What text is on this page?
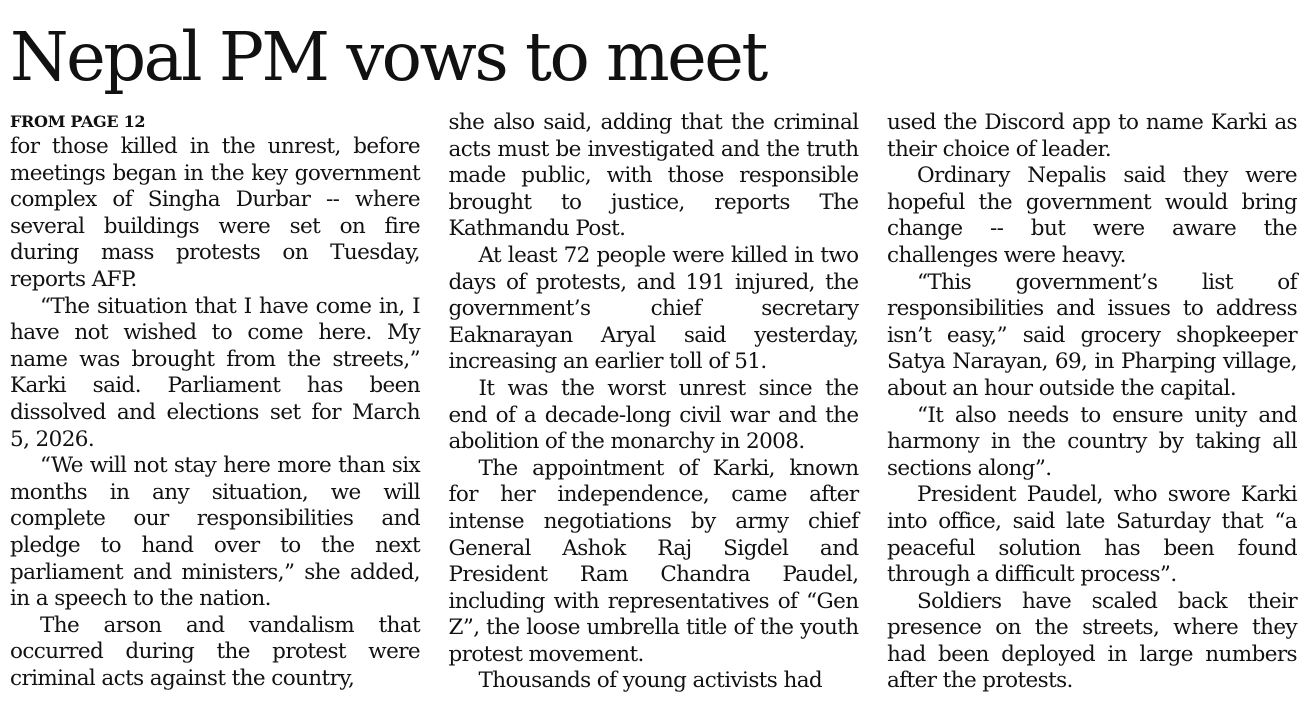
Nepal PM vows to meet
FROM PAGE 12

for those killed in the unrest, before meetings began in the key government complex of Singha Durbar -- where several buildings were set on fire during mass protests on Tuesday, reports AFP.

“The situation that I have come in, I have not wished to come here. My name was brought from the streets,” Karki said. Parliament has been dissolved and elections set for March 5, 2026.

“We will not stay here more than six months in any situation, we will complete our responsibilities and pledge to hand over to the next parliament and ministers,” she added, in a speech to the nation.

The arson and vandalism that occurred during the protest were criminal acts against the country,

she also said, adding that the criminal acts must be investigated and the truth made public, with those responsible brought to justice, reports The Kathmandu Post.

At least 72 people were killed in two days of protests, and 191 injured, the government’s chief secretary Eaknarayan Aryal said yesterday, increasing an earlier toll of 51.

It was the worst unrest since the end of a decade-long civil war and the abolition of the monarchy in 2008.

The appointment of Karki, known for her independence, came after intense negotiations by army chief General Ashok Raj Sigdel and President Ram Chandra Paudel, including with representatives of “Gen Z”, the loose umbrella title of the youth protest movement.

Thousands of young activists had

used the Discord app to name Karki as their choice of leader.

Ordinary Nepalis said they were hopeful the government would bring change -- but were aware the challenges were heavy.

“This government’s list of responsibilities and issues to address isn’t easy,” said grocery shopkeeper Satya Narayan, 69, in Pharping village, about an hour outside the capital.

“It also needs to ensure unity and harmony in the country by taking all sections along”.

President Paudel, who swore Karki into office, said late Saturday that “a peaceful solution has been found through a difficult process”.

Soldiers have scaled back their presence on the streets, where they had been deployed in large numbers after the protests.
